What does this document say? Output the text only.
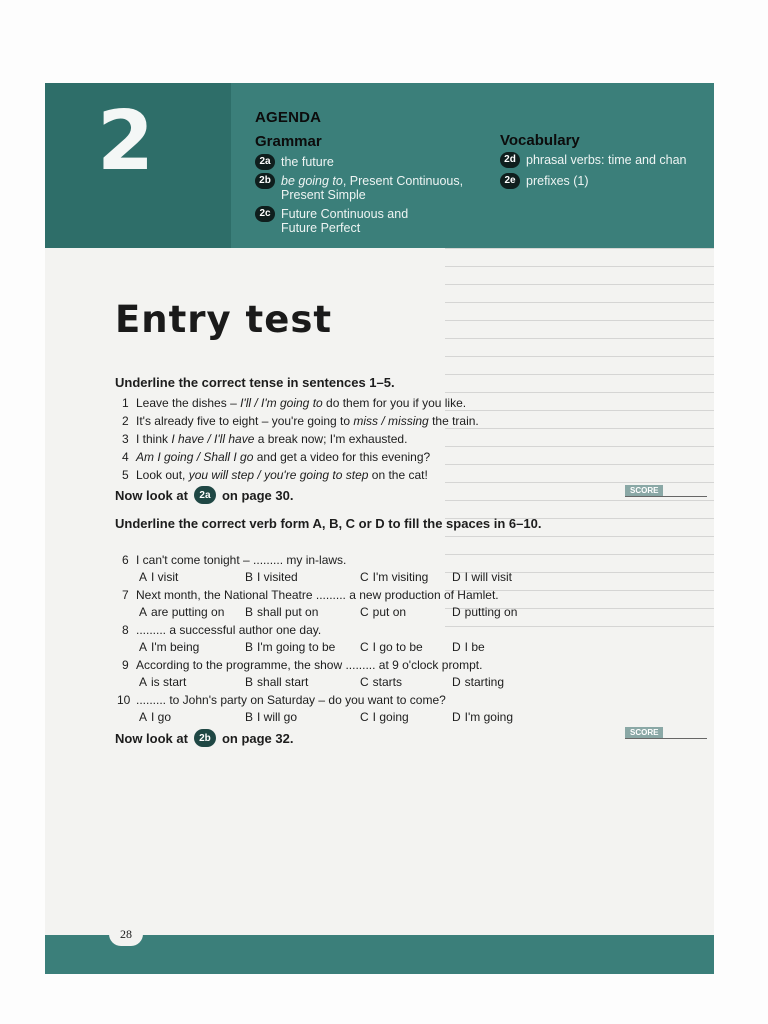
2	AGENDA
Grammar
2a the future
2b be going to, Present Continuous,
Present Simple
2c Future Continuous and
Future Perfect
Vocabulary
2d phrasal verbs: time and chan
2e prefixes (1)
Entry test
Underline the correct tense in sentences 1–5.
1 Leave the dishes – I'll / I'm going to do them for you if you like.
2 It's already five to eight – you're going to miss / missing the train.
3 I think I have / I'll have a break now; I'm exhausted.
4 Am I going / Shall I go and get a video for this evening?
5 Look out, you will step / you're going to step on the cat!
Now look at	2a on page 30.	SCORE
Underline the correct verb form A, B, C or D to fill the spaces in 6–10.
6 I can't come tonight – ......... my in-laws.
A I visit	B I visited	C I'm visiting D I will visit
7 Next month, the National Theatre ......... a new production of Hamlet.
A are putting on B shall put on	C put on	D putting on
8 ......... a successful author one day.
A I'm being	B I'm going to be C I go to be D I be
9 According to the programme, the show ......... at 9 o'clock prompt.
A is start	B shall start	C starts	D starting
10 ......... to John's party on Saturday – do you want to come?
A I go	B I will go	C I going	D I'm going
Now look at	2b on page 32.	SCORE
28
